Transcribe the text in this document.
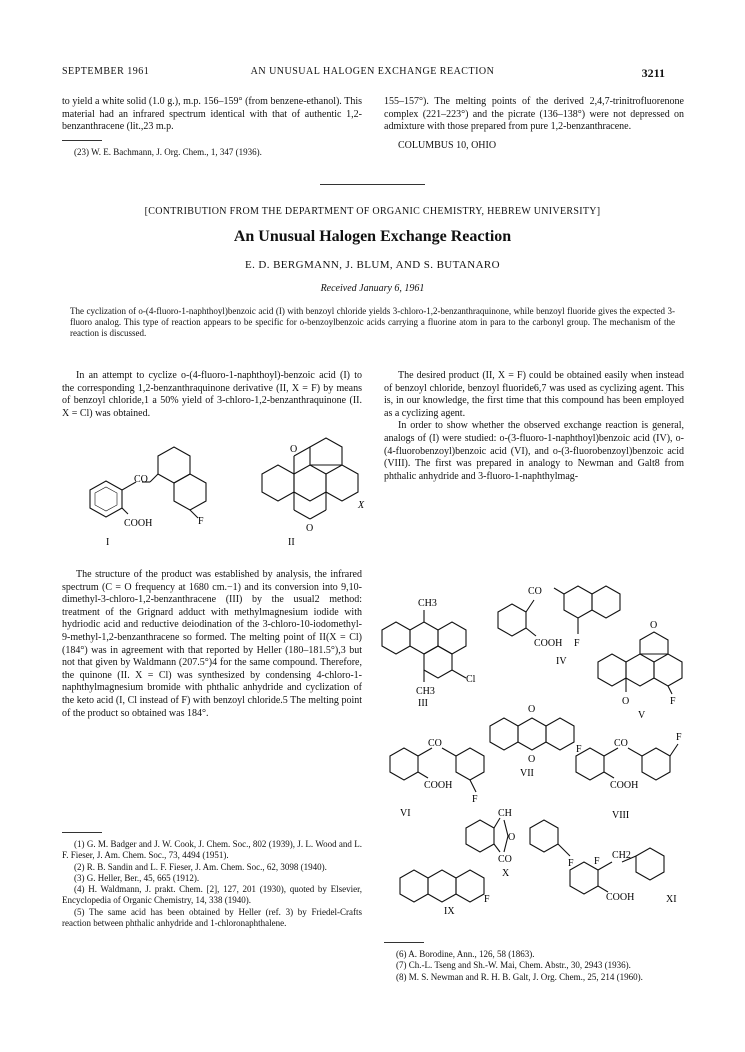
SEPTEMBER 1961	AN UNUSUAL HALOGEN EXCHANGE REACTION	3211

to yield a white solid (1.0 g.), m.p. 156–159° (from benzene-ethanol). This material had an infrared spectrum identical with that of authentic 1,2-benzanthracene (lit.,23 m.p.

(23) W. E. Bachmann, J. Org. Chem., 1, 347 (1936).

155–157°). The melting points of the derived 2,4,7-trinitrofluorenone complex (221–223°) and the picrate (136–138°) were not depressed on admixture with those prepared from pure 1,2-benzanthracene.

COLUMBUS 10, OHIO

[CONTRIBUTION FROM THE DEPARTMENT OF ORGANIC CHEMISTRY, HEBREW UNIVERSITY]
An Unusual Halogen Exchange Reaction
E. D. BERGMANN, J. BLUM, AND S. BUTANARO
Received January 6, 1961
The cyclization of o-(4-fluoro-1-naphthoyl)benzoic acid (I) with benzoyl chloride yields 3-chloro-1,2-benzanthraquinone, while benzoyl fluoride gives the expected 3-fluoro analog. This type of reaction appears to be specific for o-benzoylbenzoic acids carrying a fluorine atom in para to the carbonyl group. The mechanism of the reaction is discussed.

In an attempt to cyclize o-(4-fluoro-1-naphthoyl)-benzoic acid (I) to the corresponding 1,2-benzanthraquinone derivative (II, X = F) by means of benzoyl chloride,1 a 50% yield of 3-chloro-1,2-benzanthraquinone (II. X = Cl) was obtained.

CO
COOH	F
I
O
O
X
II

The structure of the product was established by analysis, the infrared spectrum (C = O frequency at 1680 cm.−1) and its conversion into 9,10-dimethyl-3-chloro-1,2-benzanthracene (III) by the usual2 method: treatment of the Grignard adduct with methylmagnesium iodide with hydriodic acid and reductive deiodination of the 3-chloro-10-iodomethyl-9-methyl-1,2-benzanthracene so formed. The melting point of II(X = Cl) (184°) was in agreement with that reported by Heller (180–181.5°),3 but not that given by Waldmann (207.5°)4 for the same compound. Therefore, the quinone (II. X = Cl) was synthesized by condensing 4-chloro-1-naphthylmagnesium bromide with phthalic anhydride and cyclization of the keto acid (I, Cl instead of F) with benzoyl chloride.5 The melting point of the product so obtained was 184°.

(1) G. M. Badger and J. W. Cook, J. Chem. Soc., 802 (1939), J. L. Wood and L. F. Fieser, J. Am. Chem. Soc., 73, 4494 (1951).

(2) R. B. Sandin and L. F. Fieser, J. Am. Chem. Soc., 62, 3098 (1940).

(3) G. Heller, Ber., 45, 665 (1912).

(4) H. Waldmann, J. prakt. Chem. [2], 127, 201 (1930), quoted by Elsevier, Encyclopedia of Organic Chemistry, 14, 338 (1940).

(5) The same acid has been obtained by Heller (ref. 3) by Friedel-Crafts reaction between phthalic anhydride and 1-chloronaphthalene.

The desired product (II, X = F) could be obtained easily when instead of benzoyl chloride, benzoyl fluoride6,7 was used as cyclizing agent. This is, in our knowledge, the first time that this compound has been employed as a cyclizing agent.

In order to show whether the observed exchange reaction is general, analogs of (I) were studied: o-(3-fluoro-1-naphthoyl)benzoic acid (IV), o-(4-fluorobenzoyl)benzoic acid (VI), and o-(3-fluorobenzoyl)benzoic acid (VIII). The first was prepared in analogy to Newman and Galt8 from phthalic anhydride and 3-fluoro-1-naphthylmag-

CH3
Cl
CH3
III
CO
COOH F
IV
O
O	F
V
O
O
F
VII
CO
COOH
F
VI
CO
COOH
F
VIII
CH
O
CO	F
X
F
IX
CH2
COOH
F
XI

(6) A. Borodine, Ann., 126, 58 (1863).

(7) Ch.-L. Tseng and Sh.-W. Mai, Chem. Abstr., 30, 2943 (1936).

(8) M. S. Newman and R. H. B. Galt, J. Org. Chem., 25, 214 (1960).
